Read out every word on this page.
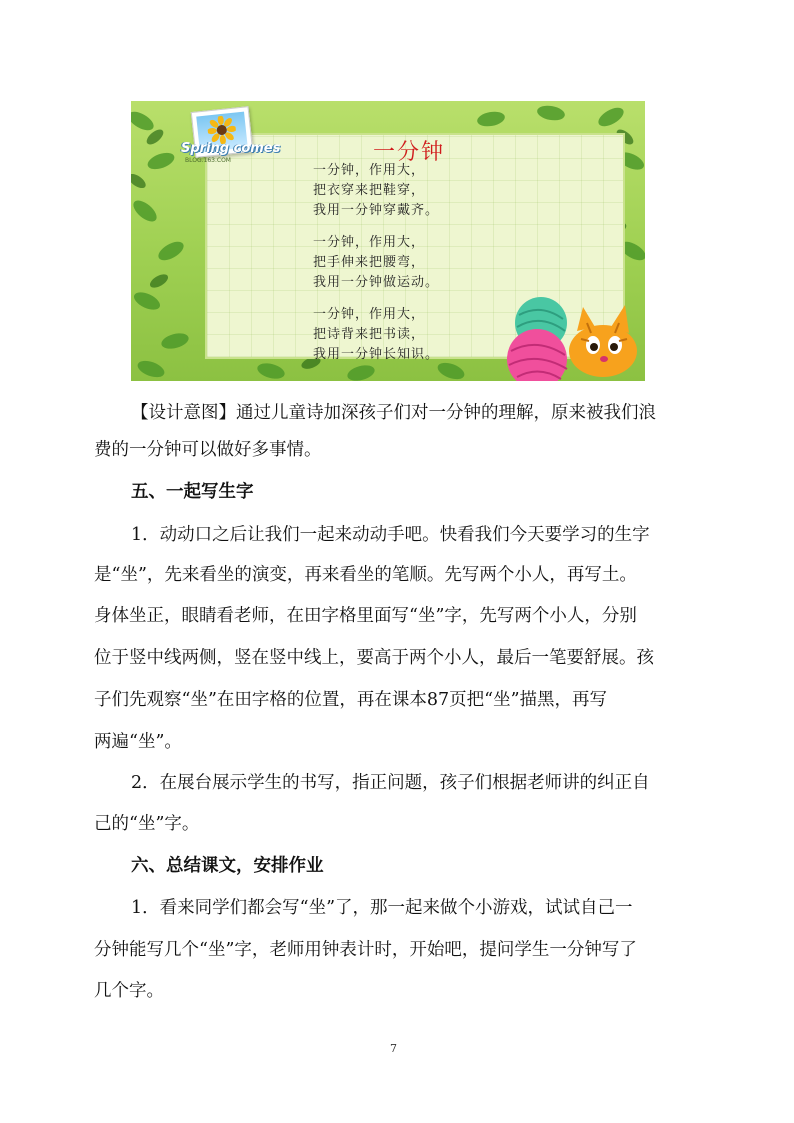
Spring comes
BLOG.163.COM	一分钟
一分钟，作用大，
把衣穿来把鞋穿，
我用一分钟穿戴齐。
一分钟，作用大，
把手伸来把腰弯，
我用一分钟做运动。
一分钟，作用大，
把诗背来把书读，
我用一分钟长知识。
【设计意图】通过儿童诗加深孩子们对一分钟的理解，原来被我们浪
费的一分钟可以做好多事情。
五、一起写生字
1．动动口之后让我们一起来动动手吧。快看我们今天要学习的生字
是“坐”，先来看坐的演变，再来看坐的笔顺。先写两个小人，再写土。
身体坐正，眼睛看老师，在田字格里面写“坐”字，先写两个小人，分别
位于竖中线两侧，竖在竖中线上，要高于两个小人，最后一笔要舒展。孩
子们先观察“坐”在田字格的位置，再在课本87页把“坐”描黑，再写
两遍“坐”。
2．在展台展示学生的书写，指正问题，孩子们根据老师讲的纠正自
己的“坐”字。
六、总结课文，安排作业
1．看来同学们都会写“坐”了，那一起来做个小游戏，试试自己一
分钟能写几个“坐”字，老师用钟表计时，开始吧，提问学生一分钟写了
几个字。
7
